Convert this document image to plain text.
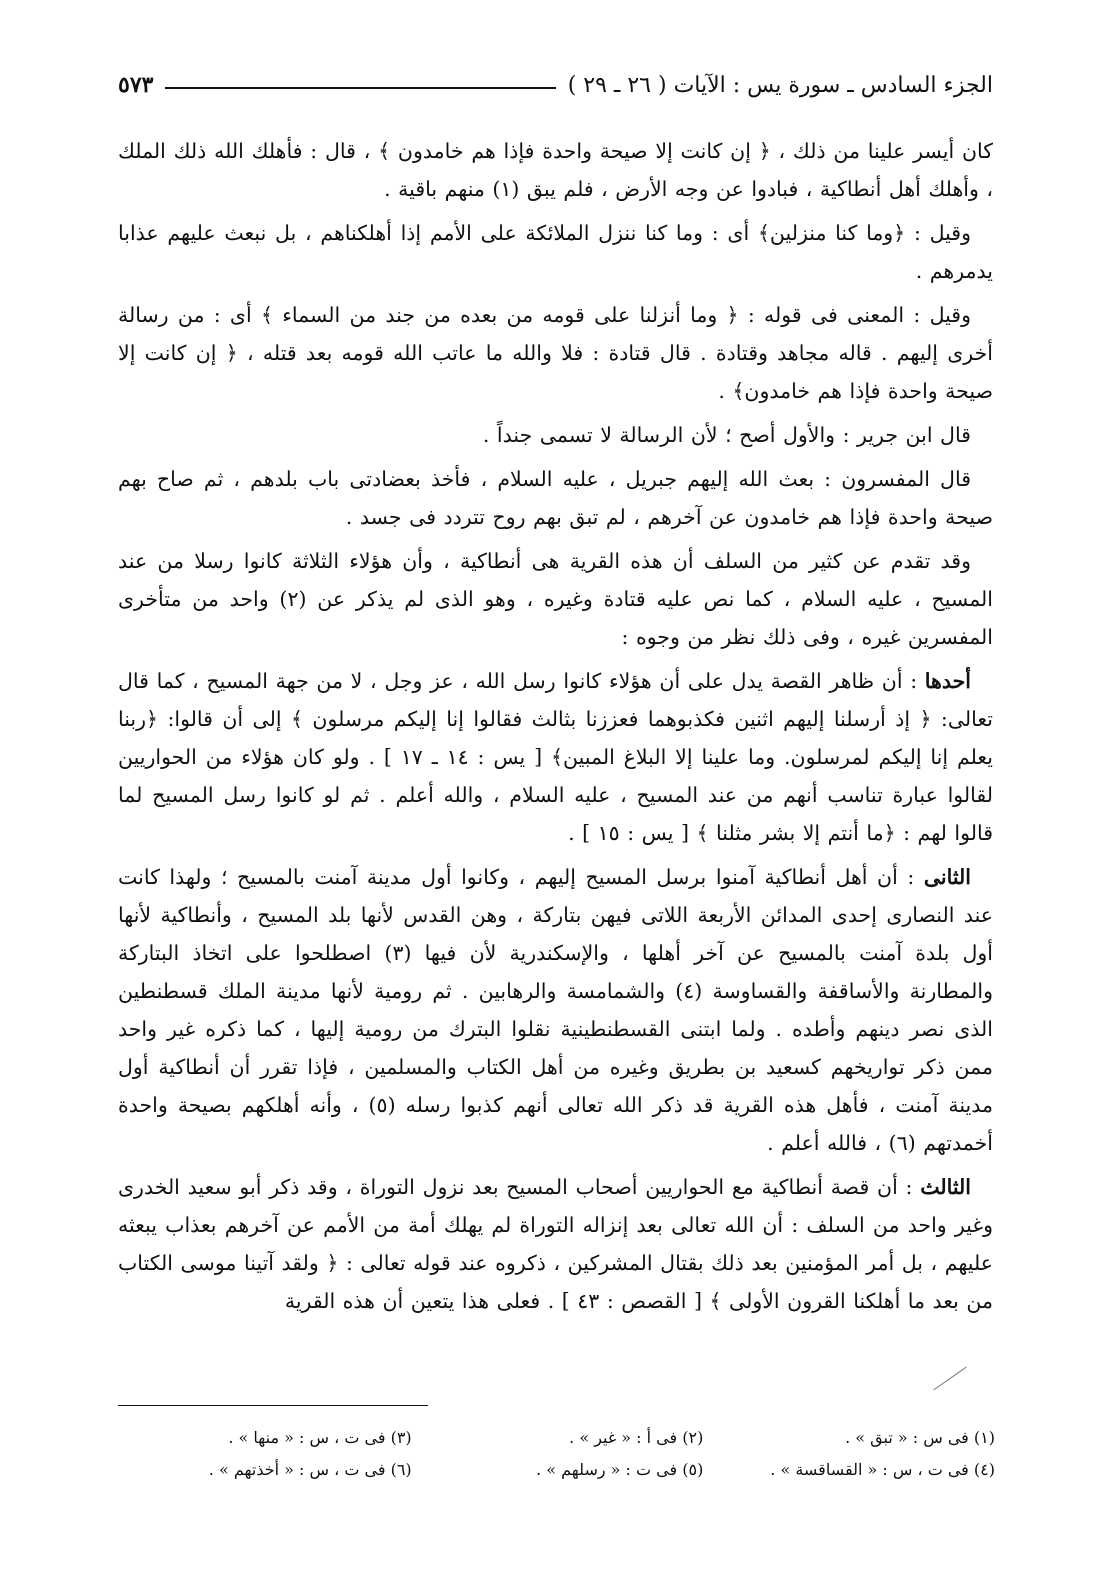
الجزء السادس ـ سورة يس : الآيات ( ٢٦ ـ ٢٩ )
٥٧٣

كان أيسر علينا من ذلك ، ﴿ إن كانت إلا صيحة واحدة فإذا هم خامدون ﴾ ، قال : فأهلك الله ذلك الملك ، وأهلك أهل أنطاكية ، فبادوا عن وجه الأرض ، فلم يبق (١) منهم باقية .

وقيل : ﴿وما كنا منزلين﴾ أى : وما كنا ننزل الملائكة على الأمم إذا أهلكناهم ، بل نبعث عليهم عذابا يدمرهم .

وقيل : المعنى فى قوله : ﴿ وما أنزلنا على قومه من بعده من جند من السماء ﴾ أى : من رسالة أخرى إليهم . قاله مجاهد وقتادة . قال قتادة : فلا والله ما عاتب الله قومه بعد قتله ، ﴿ إن كانت إلا صيحة واحدة فإذا هم خامدون﴾ .

قال ابن جرير : والأول أصح ؛ لأن الرسالة لا تسمى جنداً .

قال المفسرون : بعث الله إليهم جبريل ، عليه السلام ، فأخذ بعضادتى باب بلدهم ، ثم صاح بهم صيحة واحدة فإذا هم خامدون عن آخرهم ، لم تبق بهم روح تتردد فى جسد .

وقد تقدم عن كثير من السلف أن هذه القرية هى أنطاكية ، وأن هؤلاء الثلاثة كانوا رسلا من عند المسيح ، عليه السلام ، كما نص عليه قتادة وغيره ، وهو الذى لم يذكر عن (٢) واحد من متأخرى المفسرين غيره ، وفى ذلك نظر من وجوه :

أحدها : أن ظاهر القصة يدل على أن هؤلاء كانوا رسل الله ، عز وجل ، لا من جهة المسيح ، كما قال تعالى: ﴿ إذ أرسلنا إليهم اثنين فكذبوهما فعززنا بثالث فقالوا إنا إليكم مرسلون ﴾ إلى أن قالوا: ﴿ربنا يعلم إنا إليكم لمرسلون. وما علينا إلا البلاغ المبين﴾ [ يس : ١٤ ـ ١٧ ] . ولو كان هؤلاء من الحواريين لقالوا عبارة تناسب أنهم من عند المسيح ، عليه السلام ، والله أعلم . ثم لو كانوا رسل المسيح لما قالوا لهم : ﴿ما أنتم إلا بشر مثلنا ﴾ [ يس : ١٥ ] .

الثانى : أن أهل أنطاكية آمنوا برسل المسيح إليهم ، وكانوا أول مدينة آمنت بالمسيح ؛ ولهذا كانت عند النصارى إحدى المدائن الأربعة اللاتى فيهن بتاركة ، وهن القدس لأنها بلد المسيح ، وأنطاكية لأنها أول بلدة آمنت بالمسيح عن آخر أهلها ، والإسكندرية لأن فيها (٣) اصطلحوا على اتخاذ البتاركة والمطارنة والأساقفة والقساوسة (٤) والشمامسة والرهابين . ثم رومية لأنها مدينة الملك قسطنطين الذى نصر دينهم وأطده . ولما ابتنى القسطنطينية نقلوا البترك من رومية إليها ، كما ذكره غير واحد ممن ذكر تواريخهم كسعيد بن بطريق وغيره من أهل الكتاب والمسلمين ، فإذا تقرر أن أنطاكية أول مدينة آمنت ، فأهل هذه القرية قد ذكر الله تعالى أنهم كذبوا رسله (٥) ، وأنه أهلكهم بصيحة واحدة أخمدتهم (٦) ، فالله أعلم .

الثالث : أن قصة أنطاكية مع الحواريين أصحاب المسيح بعد نزول التوراة ، وقد ذكر أبو سعيد الخدرى وغير واحد من السلف : أن الله تعالى بعد إنزاله التوراة لم يهلك أمة من الأمم عن آخرهم بعذاب يبعثه عليهم ، بل أمر المؤمنين بعد ذلك بقتال المشركين ، ذكروه عند قوله تعالى : ﴿ ولقد آتينا موسى الكتاب من بعد ما أهلكنا القرون الأولى ﴾ [ القصص : ٤٣ ] . فعلى هذا يتعين أن هذه القرية

(١) فى س : « تبق » .
(٢) فى أ : « غير » .
(٣) فى ت ، س : « منها » .
(٤) فى ت ، س : « القساقسة » .
(٥) فى ت : « رسلهم » .
(٦) فى ت ، س : « أخذتهم » .
